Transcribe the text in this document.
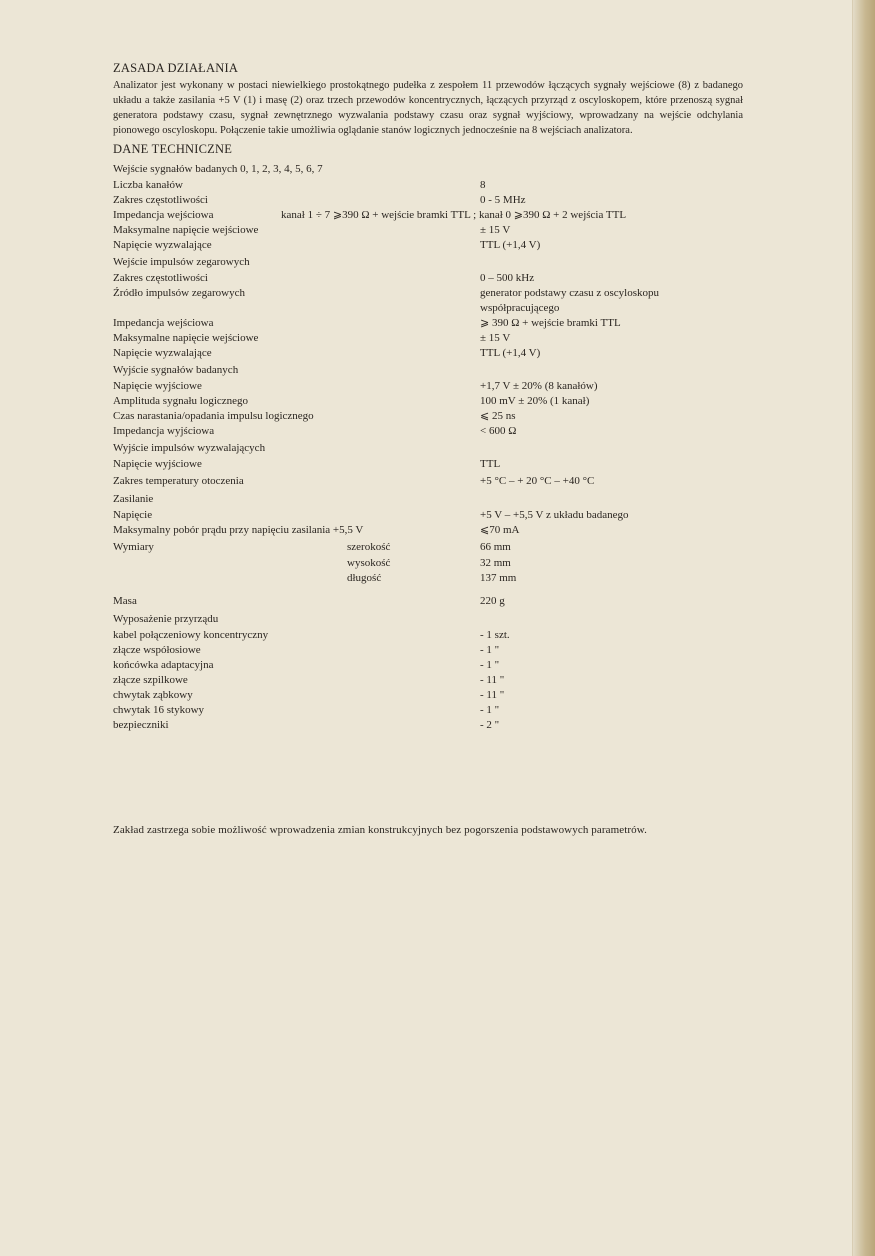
ZASADA DZIAŁANIA

Analizator jest wykonany w postaci niewielkiego prostokątnego pudełka z zespołem 11 przewodów łączących sygnały wejściowe (8) z badanego układu a także zasilania +5 V (1) i masę (2) oraz trzech przewodów koncentrycznych, łączących przyrząd z oscyloskopem, które przenoszą sygnał generatora podstawy czasu, sygnał zewnętrznego wyzwalania podstawy czasu oraz sygnał wyjściowy, wprowadzany na wejście odchylania pionowego oscyloskopu. Połączenie takie umożliwia oglądanie stanów logicznych jednocześnie na 8 wejściach analizatora.

DANE TECHNICZNE
Wejście sygnałów badanych 0, 1, 2, 3, 4, 5, 6, 7
Liczba kanałów	8
Zakres częstotliwości	0 - 5 MHz
Impedancja wejściowa	kanał 1 ÷ 7 ⩾390 Ω + wejście bramki TTL ; kanał 0 ⩾390 Ω + 2 wejścia TTL
Maksymalne napięcie wejściowe	± 15 V
Napięcie wyzwalające	TTL (+1,4 V)
Wejście impulsów zegarowych
Zakres częstotliwości	0 – 500 kHz
Źródło impulsów zegarowych	generator podstawy czasu z oscyloskopu
współpracującego
Impedancja wejściowa	⩾ 390 Ω + wejście bramki TTL
Maksymalne napięcie wejściowe	± 15 V
Napięcie wyzwalające	TTL (+1,4 V)
Wyjście sygnałów badanych
Napięcie wyjściowe	+1,7 V ± 20% (8 kanałów)
Amplituda sygnału logicznego	100 mV ± 20% (1 kanał)
Czas narastania/opadania impulsu logicznego	⩽ 25 ns
Impedancja wyjściowa	< 600 Ω
Wyjście impulsów wyzwalających
Napięcie wyjściowe	TTL
Zakres temperatury otoczenia	+5 °C – + 20 °C – +40 °C
Zasilanie
Napięcie	+5 V – +5,5 V z układu badanego
Maksymalny pobór prądu przy napięciu zasilania +5,5 V	⩽70 mA
Wymiary	szerokość	66 mm
wysokość	32 mm
długość	137 mm
Masa	220 g
Wyposażenie przyrządu
kabel połączeniowy koncentryczny	- 1 szt.
złącze współosiowe	- 1 "
końcówka adaptacyjna	- 1 "
złącze szpilkowe	- 11 "
chwytak ząbkowy	- 11 "
chwytak 16 stykowy	- 1 "
bezpieczniki	- 2 "
Zakład zastrzega sobie możliwość wprowadzenia zmian konstrukcyjnych bez pogorszenia podstawowych parametrów.
